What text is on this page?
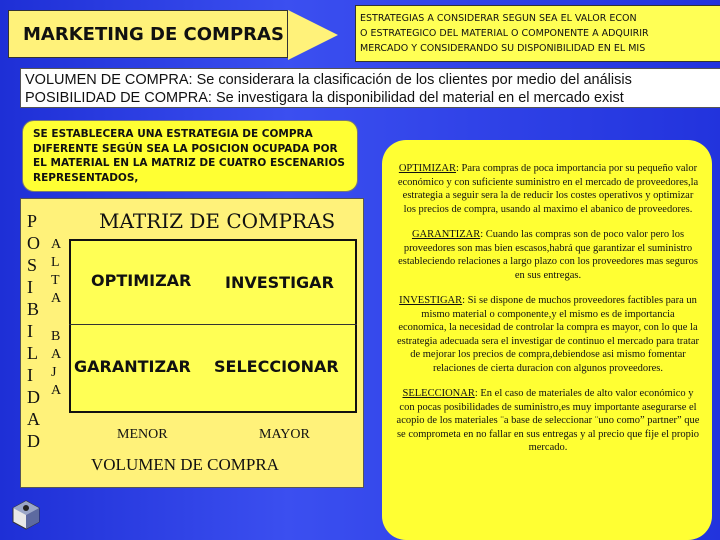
MARKETING DE COMPRAS
ESTRATEGIAS A CONSIDERAR SEGUN SEA EL VALOR ECON
O ESTRATEGICO DEL MATERIAL O COMPONENTE A ADQUIRIR
MERCADO Y CONSIDERANDO SU DISPONIBILIDAD EN EL MIS
VOLUMEN DE COMPRA: Se considerara la clasificación de los clientes por medio del análisis
POSIBILIDAD DE COMPRA: Se investigara la disponibilidad del material en el mercado exist
SE ESTABLECERA UNA ESTRATEGIA DE COMPRA DIFERENTE SEGÚN SEA LA POSICION OCUPADA POR EL MATERIAL EN LA MATRIZ DE CUATRO ESCENARIOS REPRESENTADOS,
MATRIZ DE COMPRAS
P
O
S
I
B
I
L
I
D
A
D
A
L
T
A
B
A
J
A
OPTIMIZAR INVESTIGAR
GARANTIZAR SELECCIONAR
MENOR	MAYOR
VOLUMEN DE COMPRA
OPTIMIZAR: Para compras de poca importancia por su pequeño valor económico y con suficiente suministro en el mercado de proveedores,la estrategia a seguir sera la de reducir los costes operativos y optimizar los precios de compra, usando al maximo el abanico de proveedores.
GARANTIZAR: Cuando las compras son de poco valor pero los proveedores son mas bien escasos,habrá que garantizar el suministro estableciendo relaciones a largo plazo con los proveedores mas seguros en sus entregas.
INVESTIGAR: Si se dispone de muchos proveedores factibles para un mismo material o componente,y el mismo es de importancia economica, la necesidad de controlar la compra es mayor, con lo que la estrategia adecuada sera el investigar de continuo el mercado para tratar de mejorar los precios de compra,debiendose asi mismo fomentar relaciones de cierta duracion con algunos proveedores.
SELECCIONAR: En el caso de materiales de alto valor económico y con pocas posibilidades de suministro,es muy importante asegurarse el acopio de los materiales ¨a base de seleccionar ¨uno como” partner” que se comprometa en no fallar en sus entregas y al precio que fije el propio mercado.
